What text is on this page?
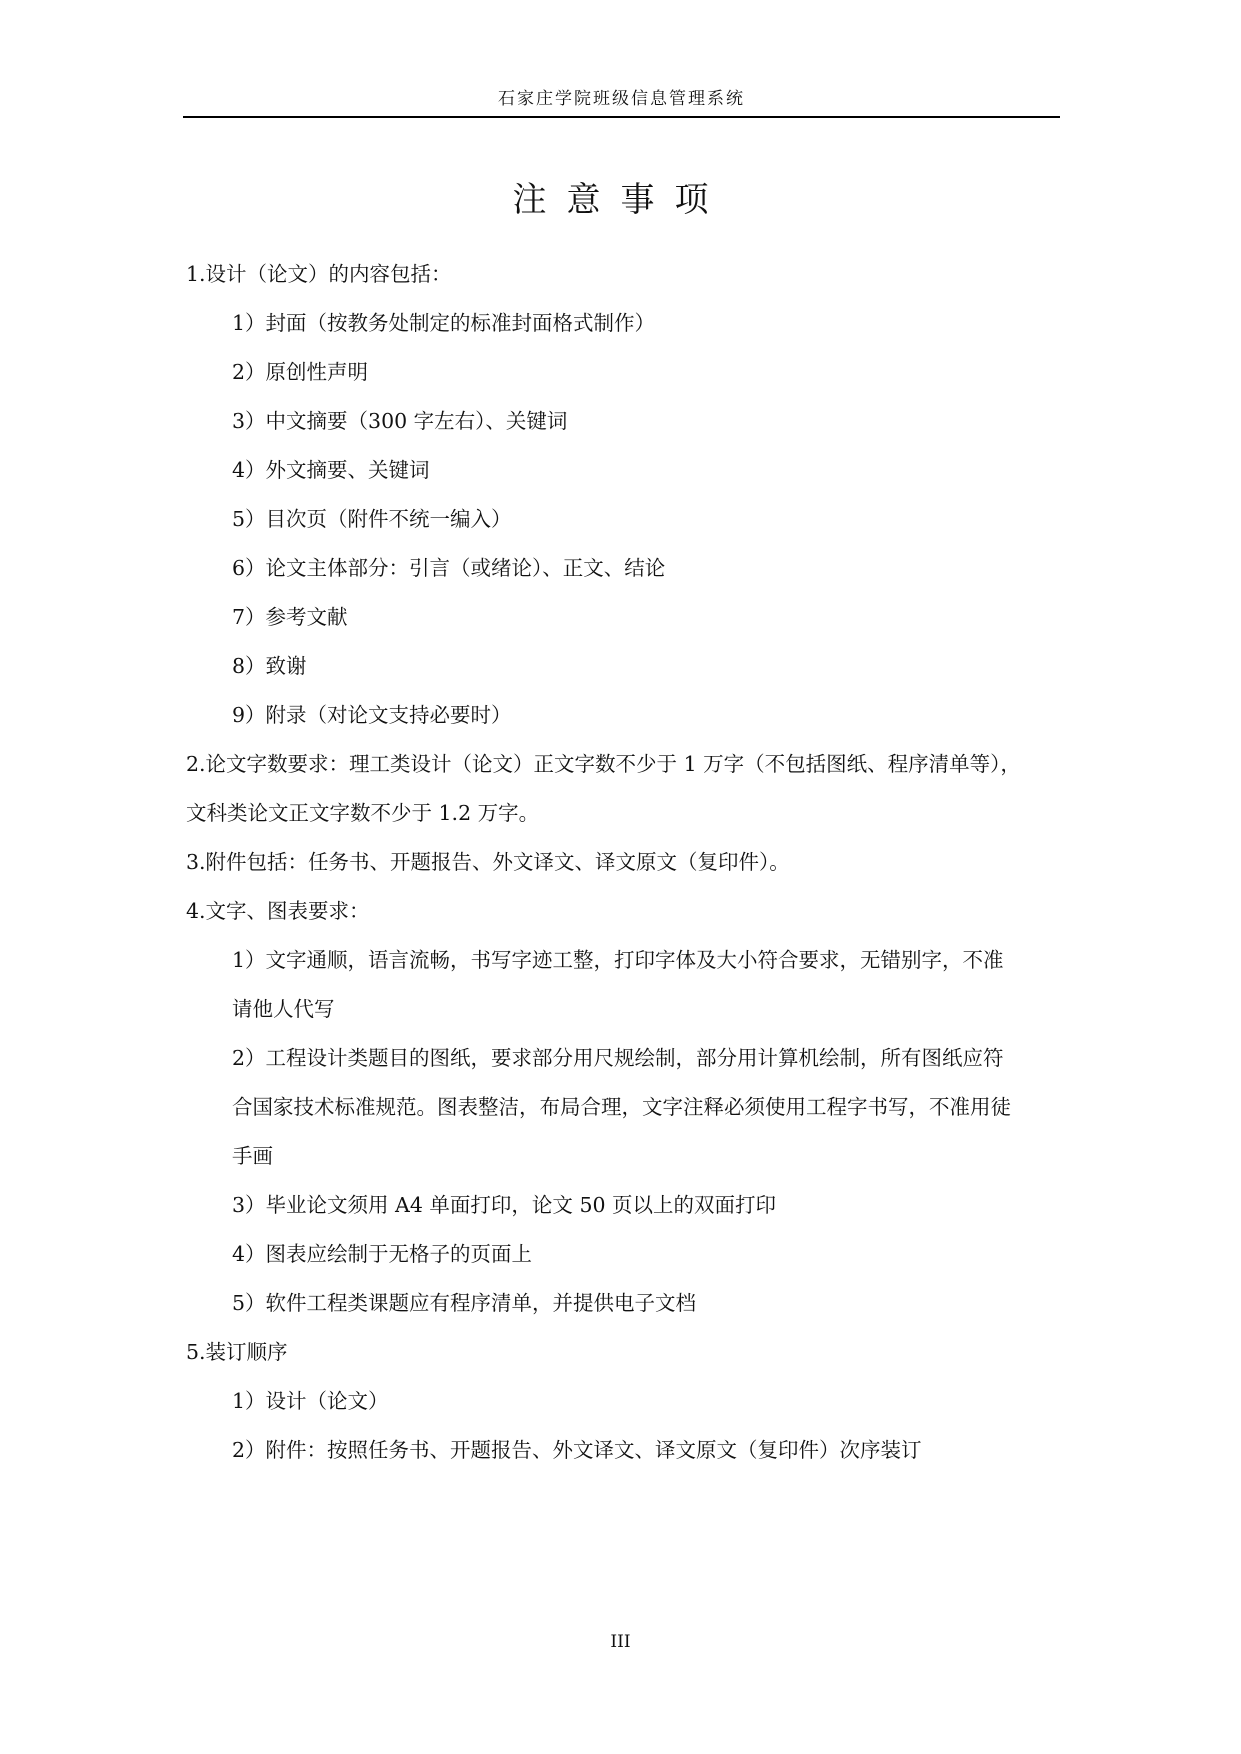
石家庄学院班级信息管理系统
注意事项
1.设计（论文）的内容包括：
1）封面（按教务处制定的标准封面格式制作）
2）原创性声明
3）中文摘要（300 字左右）、关键词
4）外文摘要、关键词
5）目次页（附件不统一编入）
6）论文主体部分：引言（或绪论）、正文、结论
7）参考文献
8）致谢
9）附录（对论文支持必要时）
2.论文字数要求：理工类设计（论文）正文字数不少于 1 万字（不包括图纸、程序清单等），
文科类论文正文字数不少于 1.2 万字。
3.附件包括：任务书、开题报告、外文译文、译文原文（复印件）。
4.文字、图表要求：
1）文字通顺，语言流畅，书写字迹工整，打印字体及大小符合要求，无错别字，不准
请他人代写
2）工程设计类题目的图纸，要求部分用尺规绘制，部分用计算机绘制，所有图纸应符
合国家技术标准规范。图表整洁，布局合理，文字注释必须使用工程字书写，不准用徒
手画
3）毕业论文须用 A4 单面打印，论文 50 页以上的双面打印
4）图表应绘制于无格子的页面上
5）软件工程类课题应有程序清单，并提供电子文档
5.装订顺序
1）设计（论文）
2）附件：按照任务书、开题报告、外文译文、译文原文（复印件）次序装订
III
